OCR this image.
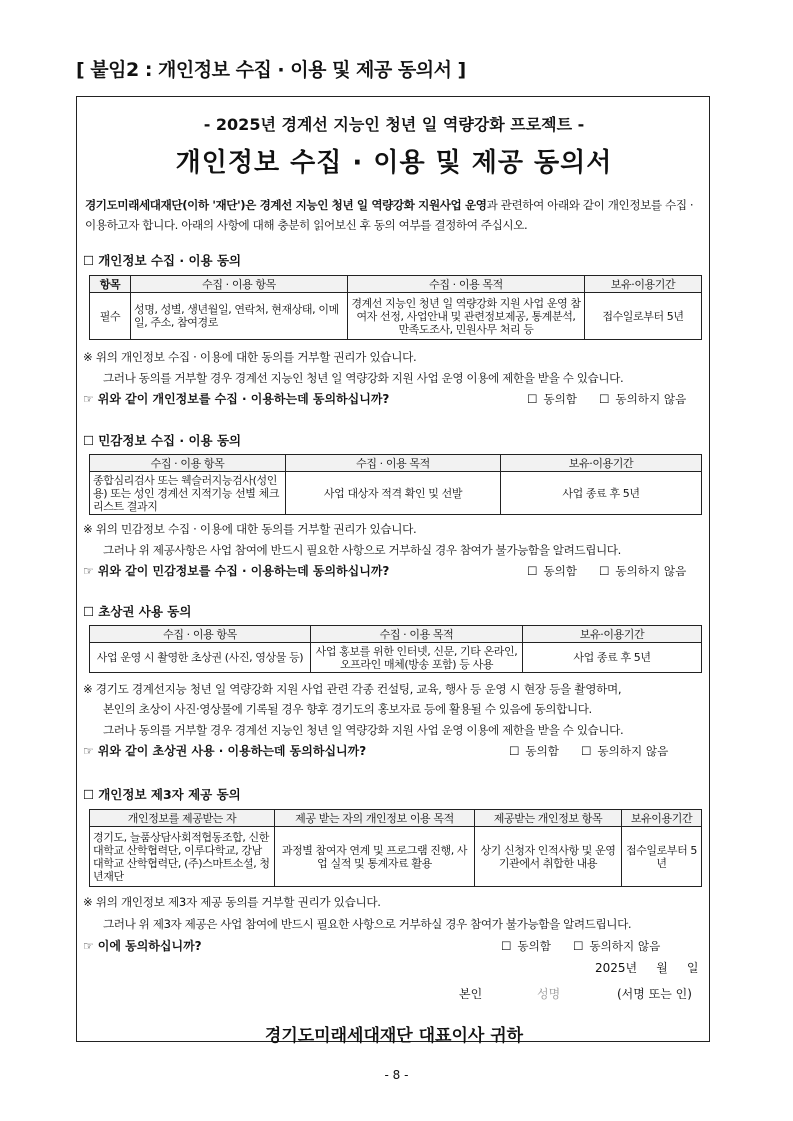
[ 붙임2 : 개인정보 수집 · 이용 및 제공 동의서 ]
- 2025년 경계선 지능인 청년 일 역량강화 프로젝트 -
개인정보 수집 · 이용 및 제공 동의서
경기도미래세대재단(이하 '재단')은 경계선 지능인 청년 일 역량강화 지원사업 운영과 관련하여 아래와 같이 개인정보를 수집 · 이용하고자 합니다. 아래의 사항에 대해 충분히 읽어보신 후 동의 여부를 결정하여 주십시오.
☐ 개인정보 수집 · 이용 동의
항목	수집 · 이용 항목	수집 · 이용 목적	보유·이용기간
필수	성명, 성별, 생년월일, 연락처, 현재상태, 이메일, 주소, 참여경로	경계선 지능인 청년 일 역량강화 지원 사업 운영 참여자 선정, 사업안내 및 관련정보제공, 통계분석, 만족도조사, 민원사무 처리 등	접수일로부터 5년
※ 위의 개인정보 수집 · 이용에 대한 동의를 거부할 권리가 있습니다.
그러나 동의를 거부할 경우 경계선 지능인 청년 일 역량강화 지원 사업 운영 이용에 제한을 받을 수 있습니다.
☞ 위와 같이 개인정보를 수집 · 이용하는데 동의하십니까?	☐ 동의함 ☐ 동의하지 않음
☐ 민감정보 수집 · 이용 동의
수집 · 이용 항목	수집 · 이용 목적	보유·이용기간
종합심리검사 또는 웩슬러지능검사(성인용) 또는 성인 경계선 지적기능 선별 체크 리스트 결과지	사업 대상자 적격 확인 및 선발	사업 종료 후 5년
※ 위의 민감정보 수집 · 이용에 대한 동의를 거부할 권리가 있습니다.
그러나 위 제공사항은 사업 참여에 반드시 필요한 사항으로 거부하실 경우 참여가 불가능함을 알려드립니다.
☞ 위와 같이 민감정보를 수집 · 이용하는데 동의하십니까?	☐ 동의함 ☐ 동의하지 않음
☐ 초상권 사용 동의
수집 · 이용 항목	수집 · 이용 목적	보유·이용기간
사업 운영 시 촬영한 초상권 (사진, 영상물 등)	사업 홍보를 위한 인터넷, 신문, 기타 온라인, 오프라인 매체(방송 포함) 등 사용	사업 종료 후 5년
※ 경기도 경계선지능 청년 일 역량강화 지원 사업 관련 각종 컨설팅, 교육, 행사 등 운영 시 현장 등을 촬영하며,
본인의 초상이 사진·영상물에 기록될 경우 향후 경기도의 홍보자료 등에 활용될 수 있음에 동의합니다.
그러나 동의를 거부할 경우 경계선 지능인 청년 일 역량강화 지원 사업 운영 이용에 제한을 받을 수 있습니다.
☞ 위와 같이 초상권 사용 · 이용하는데 동의하십니까?	☐ 동의함 ☐ 동의하지 않음
☐ 개인정보 제3자 제공 동의
개인정보를 제공받는 자	제공 받는 자의 개인정보 이용 목적	제공받는 개인정보 항목	보유이용기간
경기도, 늘품상담사회적협동조합, 신한대학교 산학협력단, 이루다학교, 강남대학교 산학협력단, (주)스마트소셜, 청년재단	과정별 참여자 연계 및 프로그램 진행, 사업 실적 및 통계자료 활용	상기 신청자 인적사항 및 운영기관에서 취합한 내용	접수일로부터 5년
※ 위의 개인정보 제3자 제공 동의를 거부할 권리가 있습니다.
그러나 위 제3자 제공은 사업 참여에 반드시 필요한 사항으로 거부하실 경우 참여가 불가능함을 알려드립니다.
☞ 이에 동의하십니까?	☐ 동의함 ☐ 동의하지 않음
2025년     월     일
본인	성명	(서명 또는 인)
경기도미래세대재단 대표이사 귀하
- 8 -
